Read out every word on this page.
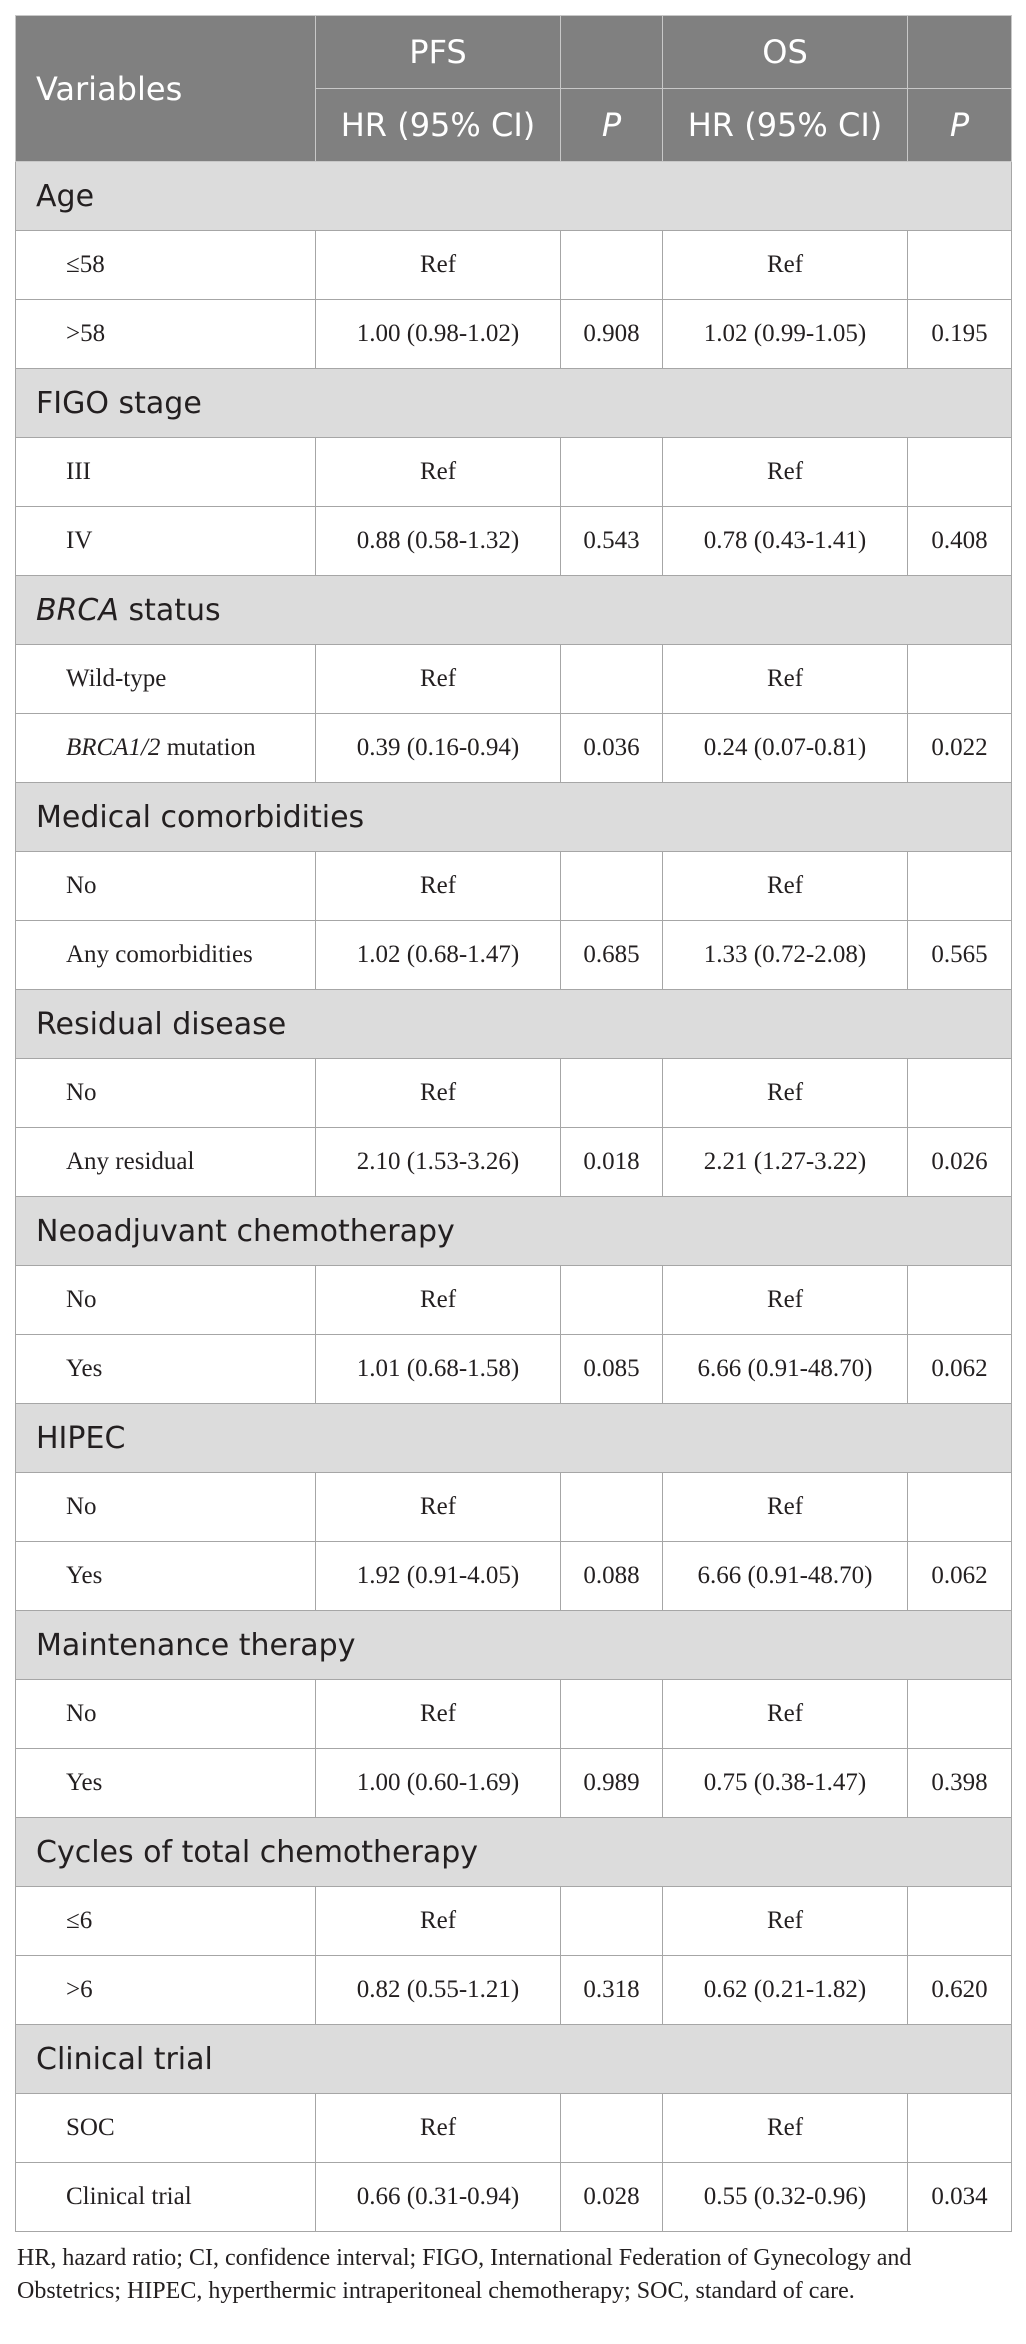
Variables	PFS		OS	
	HR (95% CI)	P	HR (95% CI)	P
Age				
≤58	Ref		Ref	
>58	1.00 (0.98-1.02)	0.908	1.02 (0.99-1.05)	0.195
FIGO stage				
III	Ref		Ref	
IV	0.88 (0.58-1.32)	0.543	0.78 (0.43-1.41)	0.408
BRCA status				
Wild-type	Ref		Ref	
BRCA1/2 mutation	0.39 (0.16-0.94)	0.036	0.24 (0.07-0.81)	0.022
Medical comorbidities				
No	Ref		Ref	
Any comorbidities	1.02 (0.68-1.47)	0.685	1.33 (0.72-2.08)	0.565
Residual disease				
No	Ref		Ref	
Any residual	2.10 (1.53-3.26)	0.018	2.21 (1.27-3.22)	0.026
Neoadjuvant chemotherapy				
No	Ref		Ref	
Yes	1.01 (0.68-1.58)	0.085	6.66 (0.91-48.70)	0.062
HIPEC				
No	Ref		Ref	
Yes	1.92 (0.91-4.05)	0.088	6.66 (0.91-48.70)	0.062
Maintenance therapy				
No	Ref		Ref	
Yes	1.00 (0.60-1.69)	0.989	0.75 (0.38-1.47)	0.398
Cycles of total chemotherapy				
≤6	Ref		Ref	
>6	0.82 (0.55-1.21)	0.318	0.62 (0.21-1.82)	0.620
Clinical trial				
SOC	Ref		Ref	
Clinical trial	0.66 (0.31-0.94)	0.028	0.55 (0.32-0.96)	0.034
HR, hazard ratio; CI, confidence interval; FIGO, International Federation of Gynecology and Obstetrics; HIPEC, hyperthermic intraperitoneal chemotherapy; SOC, standard of care.
